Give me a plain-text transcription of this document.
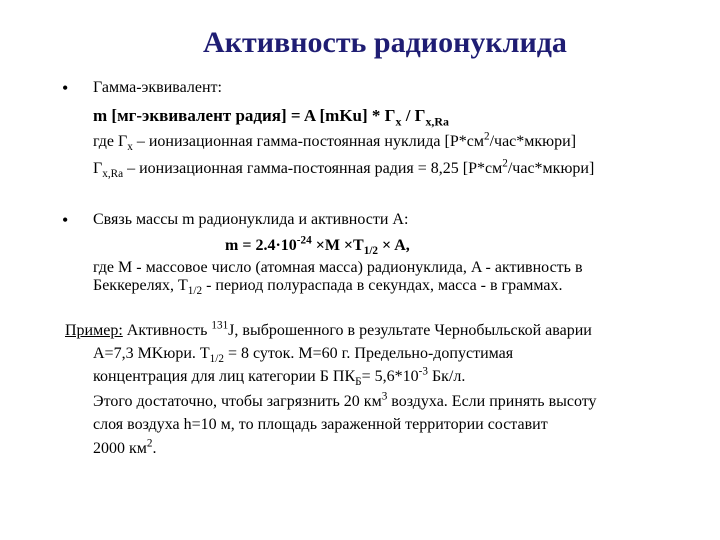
Активность радионуклида
• Гамма-эквивалент:
m [мг-эквивалент радия] = A $[mKu] * Г_x / Г_{x,Ra}$
где $Г_x$ – ионизационная гамма-постоянная нуклида $[Р*см^2/час*мкюри]$
$Г_{x,Ra}$ – ионизационная гамма-постоянная радия = 8,25 $[Р*см^2/час*мкюри]$
• Связь массы m радионуклида и активности A:
$m = 2.4\cdot 10^{-24} \times M \times T_{1/2} \times A$,
где M - массовое число (атомная масса) радионуклида, A - активность в
Беккерелях, $T_{1/2}$ - период полураспада в секундах, масса - в граммах.
Пример: Активность $^{131}$J, выброшенного в результате Чернобыльской аварии
A=7,3 MKюри. $T_{1/2} = 8$ суток. M=60 г. Предельно-допустимая
концентрация для лиц категории Б $ПК_Б= 5,6*10^{-3}$ Бк/л.
Этого достаточно, чтобы загрязнить 20 $км^3$ воздуха. Если принять высоту
слоя воздуха h=10 м, то площадь зараженной территории составит
2000 $км^2$.
